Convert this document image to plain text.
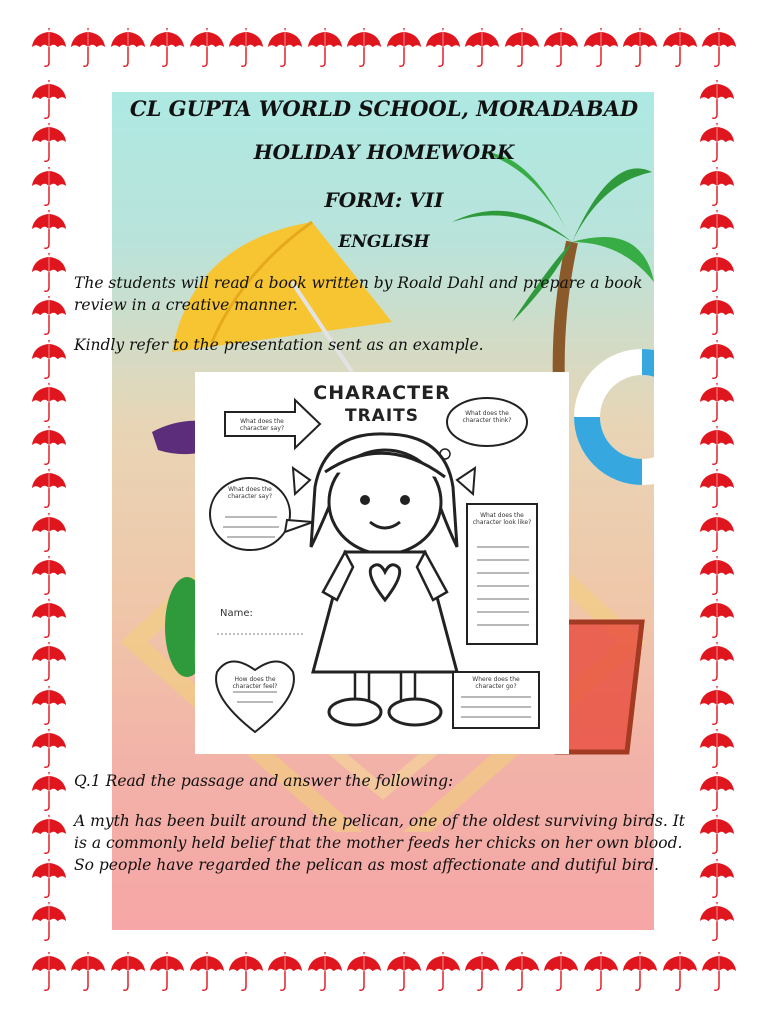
CL GUPTA WORLD SCHOOL, MORADABAD
HOLIDAY HOMEWORK
FORM: VII
ENGLISH

The students will read a book written by Roald Dahl and prepare a book review in a creative manner.

Kindly refer to the presentation sent as an example.

CHARACTER

TRAITS

What does the character say?

What does the character think?

What does the character say?

What does the character look like?

Name:

How does the character feel?

Where does the character go?

Q.1 Read the passage and answer the following:

A myth has been built around the pelican, one of the oldest surviving birds. It is a commonly held belief that the mother feeds her chicks on her own blood. So people have regarded the pelican as most affectionate and dutiful bird.
